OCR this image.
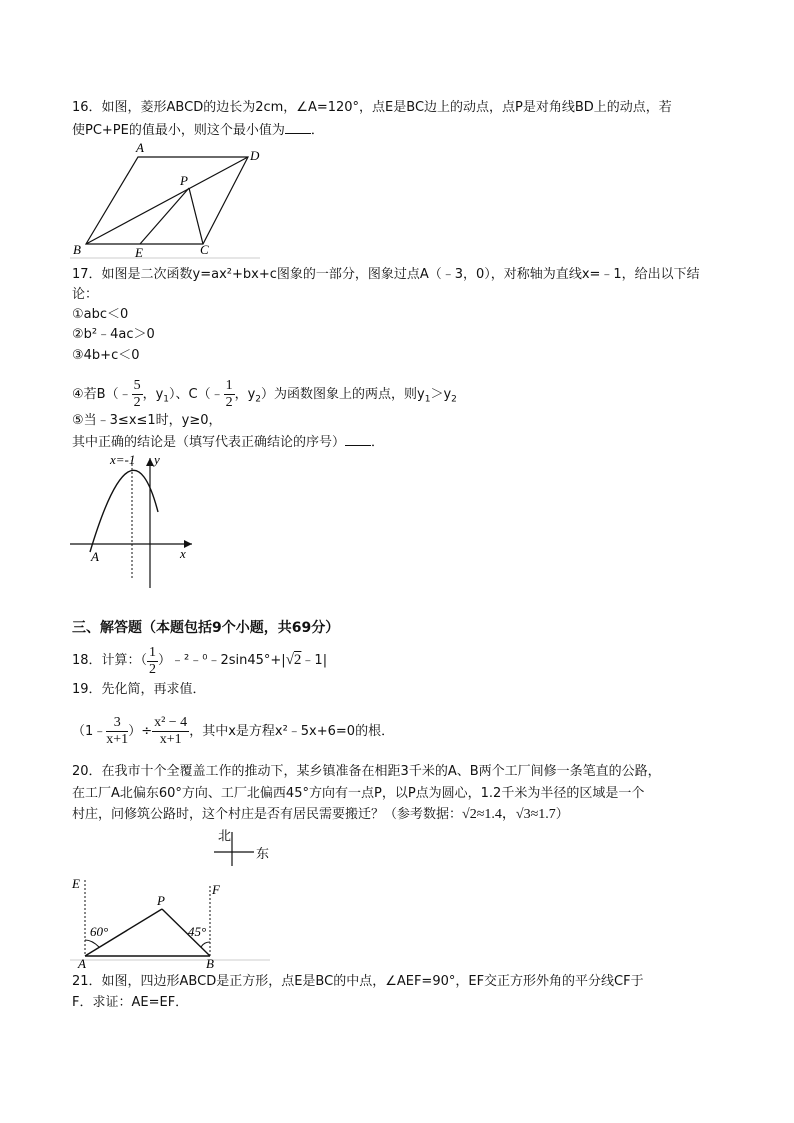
16．如图，菱形ABCD的边长为2cm，∠A=120°，点E是BC边上的动点，点P是对角线BD上的动点，若
使PC+PE的值最小，则这个最小值为 ．
A
D
P
B	E	C
17．如图是二次函数y=ax²+bx+c图象的一部分，图象过点A（﹣3，0），对称轴为直线x=﹣1，给出以下结
论：
①abc＜0
②b²﹣4ac＞0
③4b+c＜0
④若B（﹣ $\frac{5}{2}$ ，$y_1$）、C（﹣ $\frac{1}{2}$ ，$y_2$）为函数图象上的两点，则$y_1>y_2$
⑤当﹣3≤x≤1时，y≥0，
其中正确的结论是（填写代表正确结论的序号） ．
x=-1 y
x
A
三、解答题（本题包括9个小题，共69分）
18．计算：（ $\frac{1}{2}$ ）﹣²﹣⁰﹣2sin45°+|√2﹣1|
19．先化简，再求值．
（1﹣ $\frac{3}{x+1}$ ）÷ $\frac{\text{x² − 4}}{x+1}$ ，其中x是方程x²﹣5x+6=0的根．
20．在我市十个全覆盖工作的推动下，某乡镇准备在相距3千米的A、B两个工厂间修一条笔直的公路，
在工厂A北偏东60°方向、工厂北偏西45°方向有一点P，以P点为圆心，1.2千米为半径的区域是一个
村庄，问修筑公路时，这个村庄是否有居民需要搬迁？（参考数据：√2≈1.4，√3≈1.7）
北
东
E	F
P
60°	45°
A	B
21．如图，四边形ABCD是正方形，点E是BC的中点，∠AEF=90°，EF交正方形外角的平分线CF于
F．求证：AE=EF．
